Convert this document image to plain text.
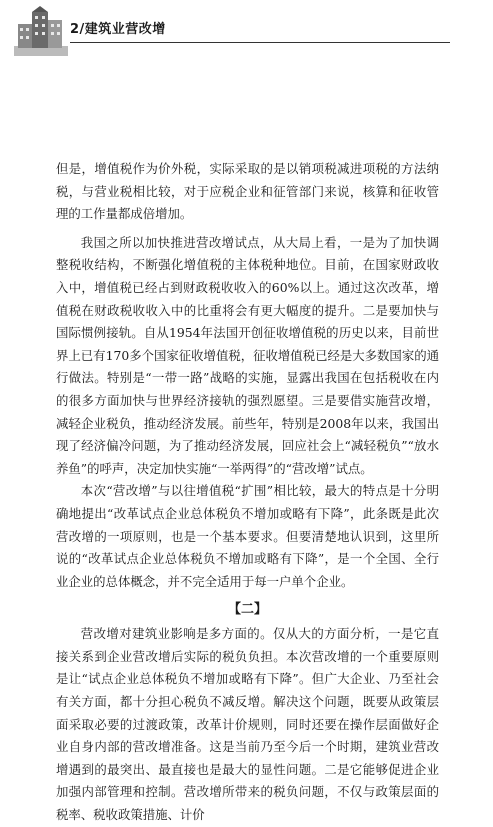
2/建筑业营改增

但是，增值税作为价外税，实际采取的是以销项税减进项税的方法纳税，与营业税相比较，对于应税企业和征管部门来说，核算和征收管理的工作量都成倍增加。

我国之所以加快推进营改增试点，从大局上看，一是为了加快调整税收结构，不断强化增值税的主体税种地位。目前，在国家财政收入中，增值税已经占到财政税收收入的60%以上。通过这次改革，增值税在财政税收收入中的比重将会有更大幅度的提升。二是要加快与国际惯例接轨。自从1954年法国开创征收增值税的历史以来，目前世界上已有170多个国家征收增值税，征收增值税已经是大多数国家的通行做法。特别是“一带一路”战略的实施，显露出我国在包括税收在内的很多方面加快与世界经济接轨的强烈愿望。三是要借实施营改增，减轻企业税负，推动经济发展。前些年，特别是2008年以来，我国出现了经济偏冷问题，为了推动经济发展，回应社会上“减轻税负”“放水养鱼”的呼声，决定加快实施“一举两得”的“营改增”试点。

本次“营改增”与以往增值税“扩围”相比较，最大的特点是十分明确地提出“改革试点企业总体税负不增加或略有下降”，此条既是此次营改增的一项原则，也是一个基本要求。但要清楚地认识到，这里所说的“改革试点企业总体税负不增加或略有下降”，是一个全国、全行业企业的总体概念，并不完全适用于每一户单个企业。

【二】

营改增对建筑业影响是多方面的。仅从大的方面分析，一是它直接关系到企业营改增后实际的税负负担。本次营改增的一个重要原则是让“试点企业总体税负不增加或略有下降”。但广大企业、乃至社会有关方面，都十分担心税负不减反增。解决这个问题，既要从政策层面采取必要的过渡政策，改革计价规则，同时还要在操作层面做好企业自身内部的营改增准备。这是当前乃至今后一个时期，建筑业营改增遇到的最突出、最直接也是最大的显性问题。二是它能够促进企业加强内部管理和控制。营改增所带来的税负问题，不仅与政策层面的税率、税收政策措施、计价
